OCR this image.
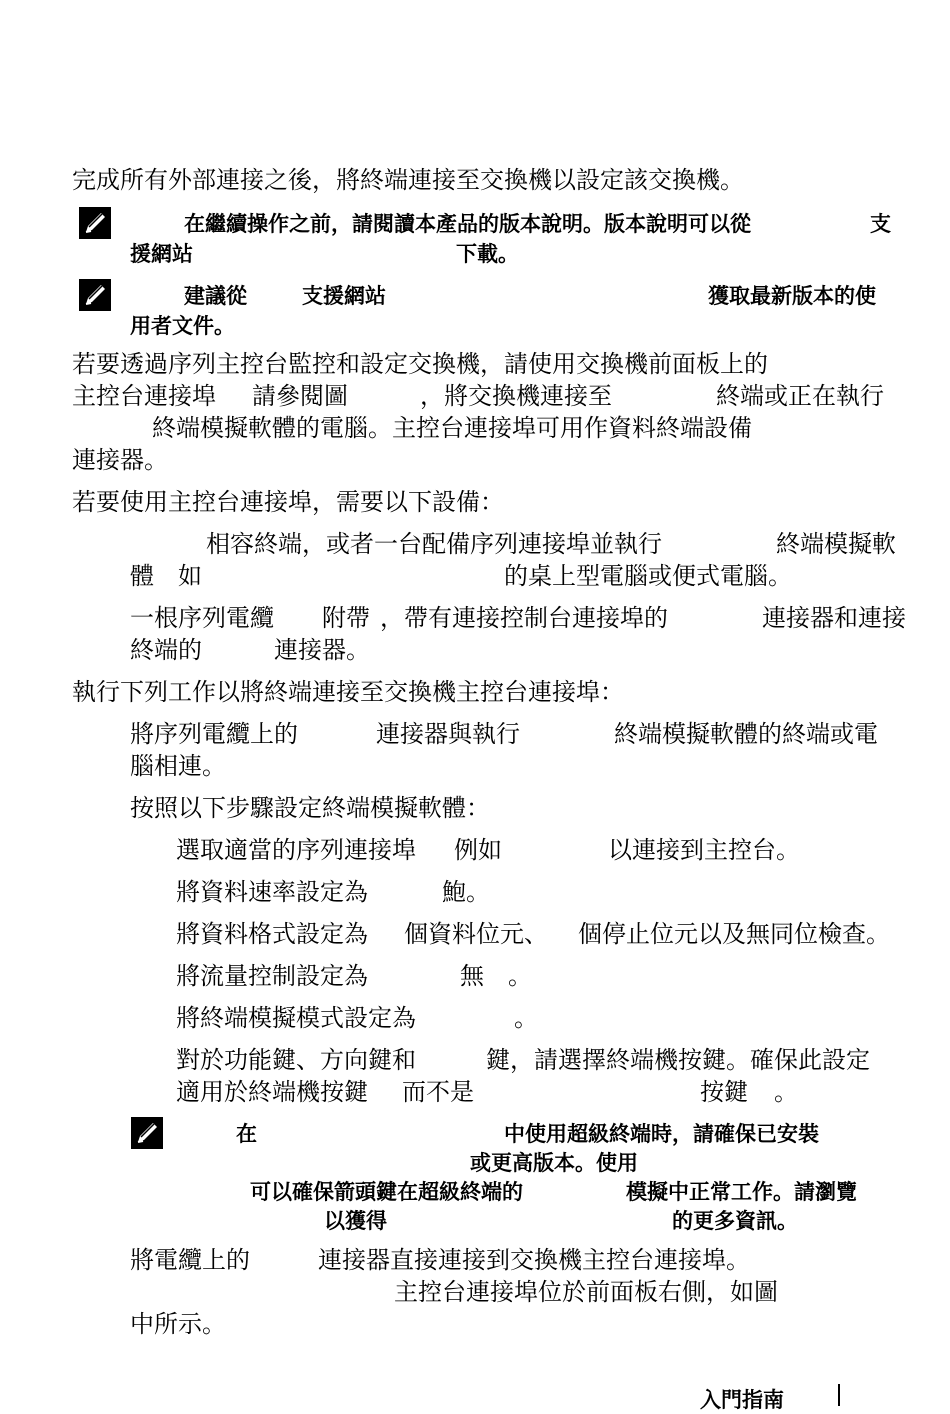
完成所有外部連接之後，將終端連接至交換機以設定該交換機。
在繼續操作之前，請閱讀本產品的版本說明。版本說明可以從	支
援網站	下載。
建議從	支援網站	獲取最新版本的使
用者文件。
若要透過序列主控台監控和設定交換機，請使用交換機前面板上的
主控台連接埠 請參閱圖	，將交換機連接至	終端或正在執行
終端模擬軟體的電腦。主控台連接埠可用作資料終端設備
連接器。
若要使用主控台連接埠，需要以下設備：
相容終端，或者一台配備序列連接埠並執行	終端模擬軟
體 如	的桌上型電腦或便式電腦。
一根序列電纜 附帶 ，帶有連接控制台連接埠的	連接器和連接
終端的	連接器。
執行下列工作以將終端連接至交換機主控台連接埠：
將序列電纜上的	連接器與執行	終端模擬軟體的終端或電
腦相連。
按照以下步驟設定終端模擬軟體：
選取適當的序列連接埠 例如	以連接到主控台。
將資料速率設定為	鮑。
將資料格式設定為 個資料位元、 個停止位元以及無同位檢查。
將流量控制設定為	無 。
將終端模擬模式設定為	。
對於功能鍵、方向鍵和	鍵，請選擇終端機按鍵。確保此設定
適用於終端機按鍵 而不是	按鍵 。
在	中使用超級終端時，請確保已安裝
或更高版本。使用
可以確保箭頭鍵在超級終端的	模擬中正常工作。請瀏覽
以獲得	的更多資訊。
將電纜上的	連接器直接連接到交換機主控台連接埠。
主控台連接埠位於前面板右側，如圖
中所示。
入門指南
